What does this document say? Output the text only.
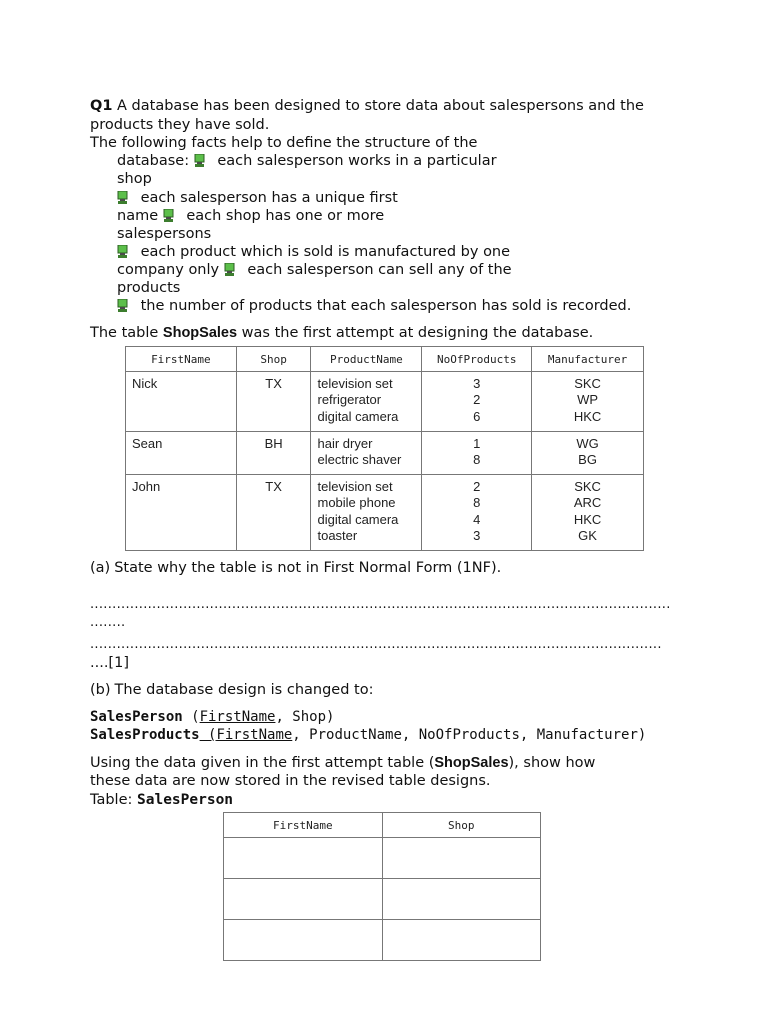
Q1 A database has been designed to store data about salespersons and the
products they have sold.
The following facts help to define the structure of the
database:  each salesperson works in a particular
shop
each salesperson has a unique first
name  each shop has one or more
salespersons
each product which is sold is manufactured by one
company only  each salesperson can sell any of the
products
the number of products that each salesperson has sold is recorded.
The table ShopSales was the first attempt at designing the database.
FirstName	Shop	ProductName	NoOfProducts	Manufacturer
Nick	TX	television set
refrigerator
digital camera	3
2
6	SKC
WP
HKC

Sean	BH	hair dryer
electric shaver	1
8	WG
BG

John	TX	television set
mobile phone
digital camera
toaster	2
8
4
3	SKC
ARC
HKC
GK
(a) State why the table is not in First Normal Form (1NF).
...................................................................................................................................
........
.................................................................................................................................
....[1]
(b) The database design is changed to:
SalesPerson (FirstName, Shop)
SalesProducts (FirstName, ProductName, NoOfProducts, Manufacturer)
Using the data given in the first attempt table (ShopSales), show how
these data are now stored in the revised table designs.
Table: SalesPerson
FirstName	Shop
